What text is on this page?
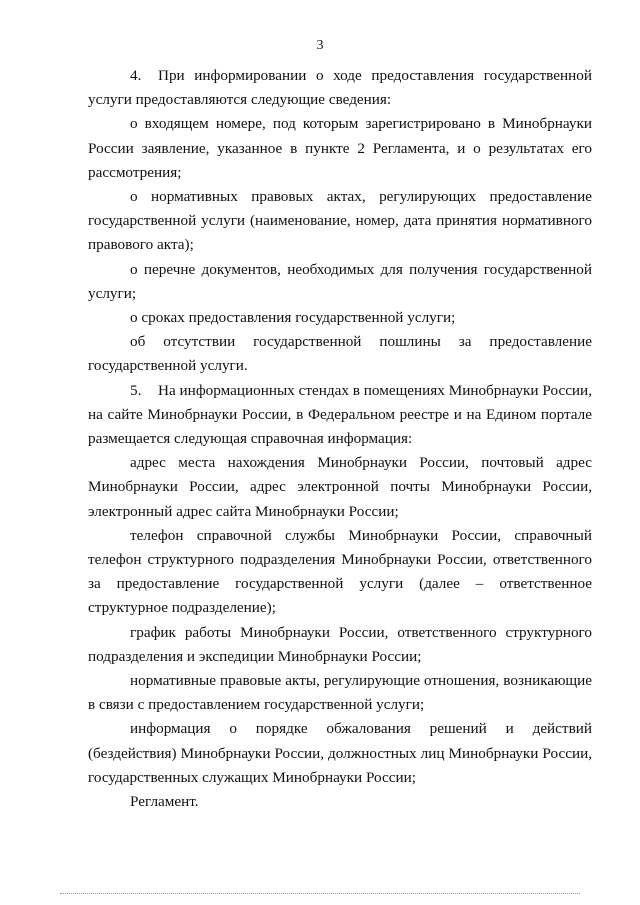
3

4. При информировании о ходе предоставления государственной услуги предоставляются следующие сведения:

о входящем номере, под которым зарегистрировано в Минобрнауки России заявление, указанное в пункте 2 Регламента, и о результатах его рассмотрения;

о нормативных правовых актах, регулирующих предоставление государственной услуги (наименование, номер, дата принятия нормативного правового акта);

о перечне документов, необходимых для получения государственной услуги;

о сроках предоставления государственной услуги;

об отсутствии государственной пошлины за предоставление государственной услуги.

5. На информационных стендах в помещениях Минобрнауки России, на сайте Минобрнауки России, в Федеральном реестре и на Едином портале размещается следующая справочная информация:

адрес места нахождения Минобрнауки России, почтовый адрес Минобрнауки России, адрес электронной почты Минобрнауки России, электронный адрес сайта Минобрнауки России;

телефон справочной службы Минобрнауки России, справочный телефон структурного подразделения Минобрнауки России, ответственного за предоставление государственной услуги (далее – ответственное структурное подразделение);

график работы Минобрнауки России, ответственного структурного подразделения и экспедиции Минобрнауки России;

нормативные правовые акты, регулирующие отношения, возникающие в связи с предоставлением государственной услуги;

информация о порядке обжалования решений и действий (бездействия) Минобрнауки России, должностных лиц Минобрнауки России, государственных служащих Минобрнауки России;

Регламент.
